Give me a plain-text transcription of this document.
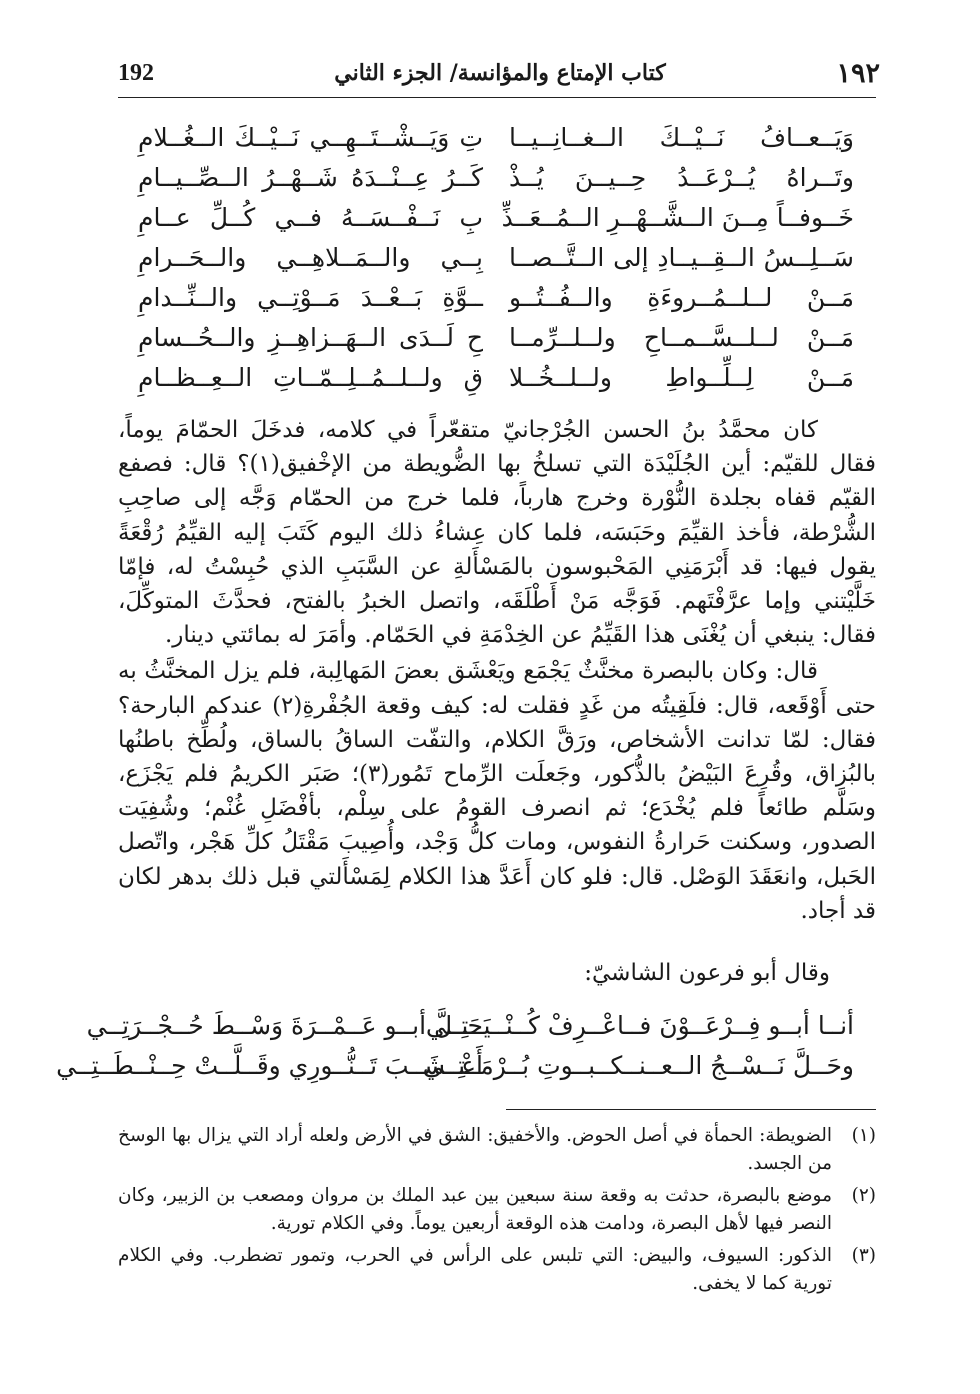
١٩٢
كتاب الإمتاع والمؤانسة/ الجزء الثاني
192
وَيَــعــافُ نَــيْــكَ الــغــانِــيــا
تِ وَيَــشْــتَــهِــي نَــيْــكَ الــغُــلامِ
وتَــراهُ يُــرْعَــدُ حِــيــنَ يُــذْ
كَــرُ عِــنْــدَهُ شَــهْــرُ الــصِّــيــامِ
خَــوفــاً مِــنَ الــشَّــهْــرِ الــمُــعَــذِّ
بِ نَــفْــسَــهُ فــي كُــلِّ عــامِ
سَــلِــسُ الــقِــيــادِ إلى الــتَّــصــا
بِــي والــمَــلاهِــي والــحَــرامِ
مَــنْ لــلــمُــروءَةِ والــفُــتُــو
ــوَّةِ بَــعْــدَ مَــوْتِــي والــنِّــدامِ
مَــنْ لــلــسَّــمــاحِ ولــلــرِّمــا
حِ لَــدَى الــهَــزاهِــزِ والــحُــسامِ
مَــنْ لِــلِّــواطِ ولــلــخُــلا
قِ ولــلــمُــلِــمّــاتِ الــعِــظــامِ

كان محمَّدُ بنُ الحسن الجُرْجانيّ متقعّراً في كلامه، فدخَلَ الحمّامَ يوماً، فقال للقيّم: أين الجُلَيْدَة التي تسلخُ بها الضُّويطة من الإخْفيق(١)؟ قال: فصفع القيّم قفاه بجلدة النُّوْرة وخرج هارباً، فلما خرج من الحمّام وَجَّه إلى صاحِبِ الشُّرْطة، فأخذ القيِّمَ وحَبَسَه، فلما كان عِشاءُ ذلك اليوم كَتَبَ إليه القيِّمُ رُقْعَةً يقول فيها: قد أَبْرَمَنِي المَحْبوسون بالمَسْأَلةِ عن السَّبَبِ الذي حُبِسْتُ له، فإمّا خَلَّيْتني وإما عرَّفْتَهم. فَوَجَّه مَنْ أَطْلَقَه، واتصل الخبرُ بالفتح، فحدَّثَ المتوكِّلَ، فقال: ينبغي أن يُغْنَى هذا القَيِّمُ عن الخِدْمَةِ في الحَمّام. وأمَرَ له بمائتي دينار.

قال: وكان بالبصرة مخنَّثٌ يَجْمَع ويَعْشَق بعضَ المَهالِبة، فلم يزل المخنَّثُ به حتى أَوْقَعه، قال: فلَقِيتُه من غَدٍ فقلت له: كيف وقعة الجُفْرةِ(٢) عندكم البارحة؟ فقال: لمّا تدانت الأشخاص، ورَقَّ الكلام، والتفّت الساقُ بالساق، ولُطِّخ باطنُها بالبُزاق، وقُرِعَ البَيْضُ بالذُّكور، وجَعلَت الرِّماح تَمُور(٣)؛ صَبَر الكريمُ فلم يَجْزَع، وسَلَّم طائعاً فلم يُخْدَع؛ ثم انصرف القومُ على سِلْم، بأفْضَلِ غُنْم؛ وشُفِيَت الصدور، وسكنت حَرارةُ النفوس، ومات كلُّ وَجْد، وأُصِيبَ مَقْتَلُ كلِّ هَجْر، واتّصل الحَبل، وانعَقَدَ الوَصْل. قال: فلو كان أَعَدَّ هذا الكلام لِمَسْأَلتي قبل ذلك بدهر لكان قد أجاد.

وقال أبو فرعون الشاشيّ:
أنــا أبــو فِــرْعَــوْنَ فــاعْــرِفْ كُــنْــيَــتِــي
حَــلَّ أبــو عَــمْــرَةَ وَسْــطَ حُــجْــرَتِــي
وحَــلَّ نَــسْــجُ الــعــنــكــبــوتِ بُــرْمَــتِــي
أَعْــشَــبَ تَــنُّــورِي وقَــلَّــتْ حِــنْــطَــتِــي
(١)
الضويطة: الحمأة في أصل الحوض. والأخفيق: الشق في الأرض ولعله أراد التي يزال بها الوسخ من الجسد.
(٢)
موضع بالبصرة، حدثت به وقعة سنة سبعين بين عبد الملك بن مروان ومصعب بن الزبير، وكان النصر فيها لأهل البصرة، ودامت هذه الوقعة أربعين يوماً. وفي الكلام تورية.
(٣)
الذكور: السيوف، والبيض: التي تلبس على الرأس في الحرب، وتمور تضطرب. وفي الكلام تورية كما لا يخفى.
